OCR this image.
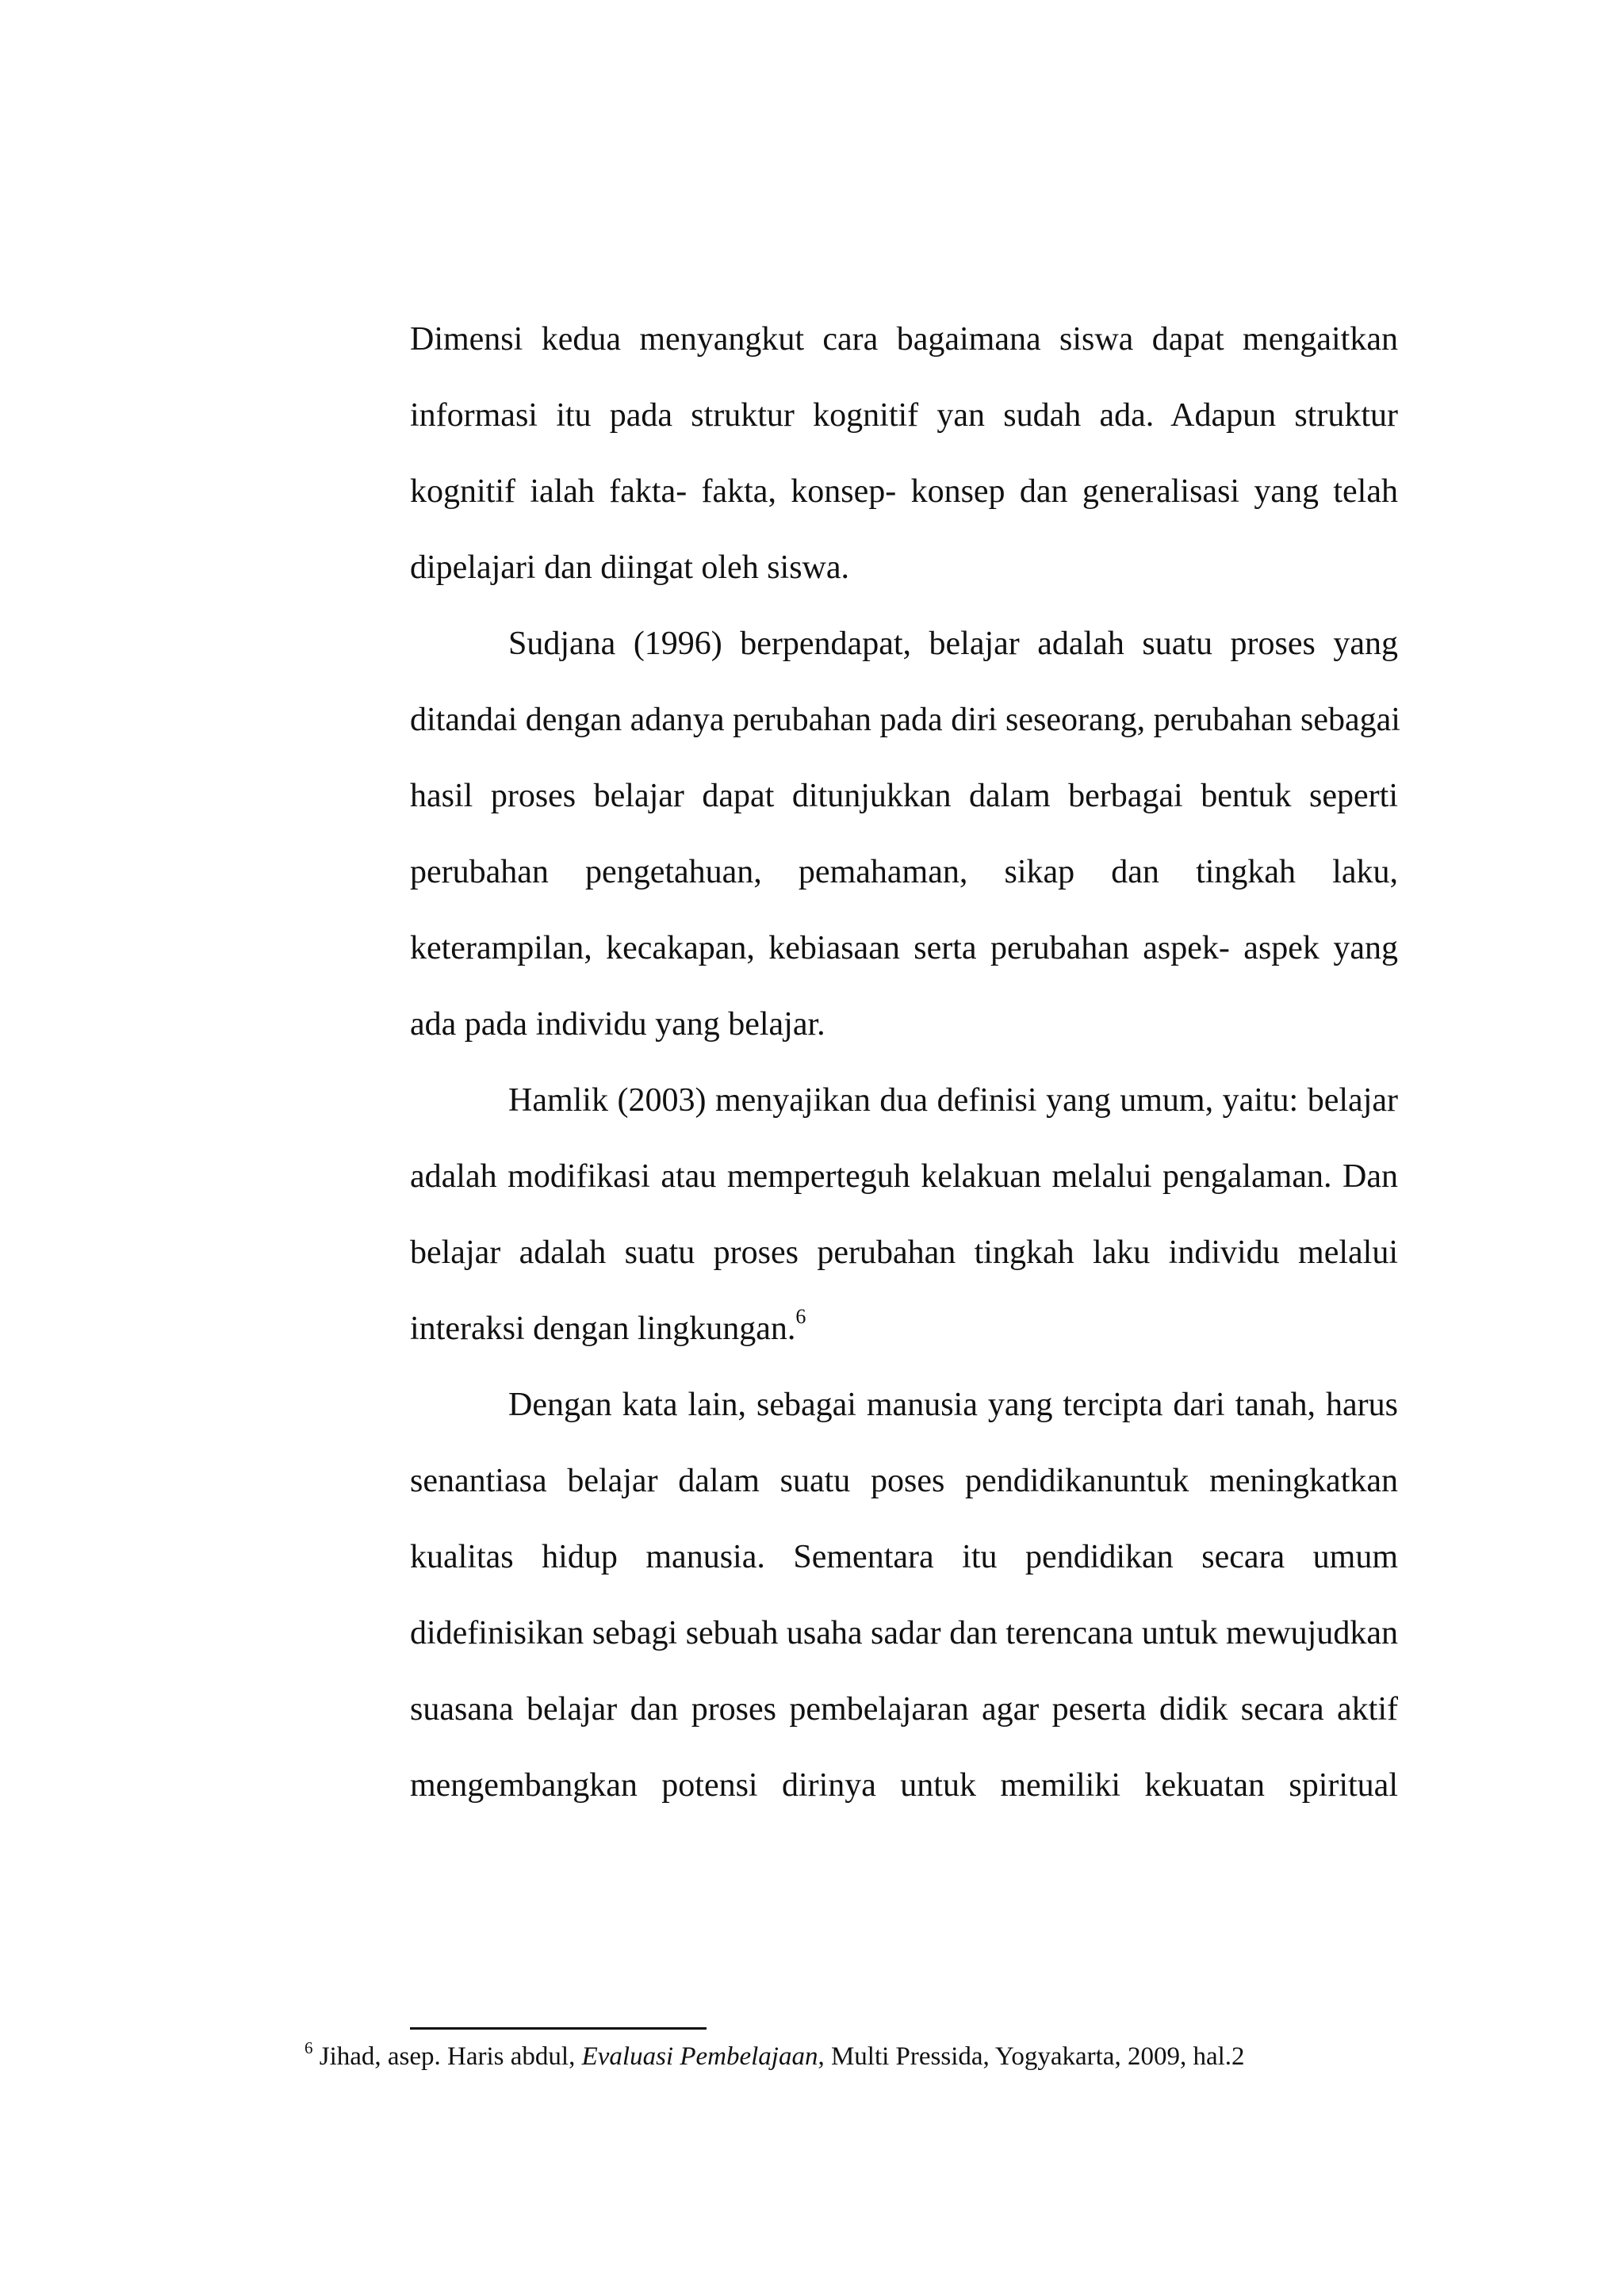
Dimensi kedua menyangkut cara bagaimana siswa dapat mengaitkan
informasi itu pada struktur kognitif yan sudah ada. Adapun struktur
kognitif ialah fakta- fakta, konsep- konsep dan generalisasi yang telah
dipelajari dan diingat oleh siswa.
Sudjana (1996) berpendapat, belajar adalah suatu proses yang
ditandai dengan adanya perubahan pada diri seseorang, perubahan sebagai
hasil proses belajar dapat ditunjukkan dalam berbagai bentuk seperti
perubahan pengetahuan, pemahaman, sikap dan tingkah laku,
keterampilan, kecakapan, kebiasaan serta perubahan aspek- aspek yang
ada pada individu yang belajar.
Hamlik (2003) menyajikan dua definisi yang umum, yaitu: belajar
adalah modifikasi atau memperteguh kelakuan melalui pengalaman. Dan
belajar adalah suatu proses perubahan tingkah laku individu melalui
interaksi dengan lingkungan.$^6$
Dengan kata lain, sebagai manusia yang tercipta dari tanah, harus
senantiasa belajar dalam suatu poses pendidikanuntuk meningkatkan
kualitas hidup manusia. Sementara itu pendidikan secara umum
didefinisikan sebagi sebuah usaha sadar dan terencana untuk mewujudkan
suasana belajar dan proses pembelajaran agar peserta didik secara aktif
mengembangkan potensi dirinya untuk memiliki kekuatan spiritual
$^6$ Jihad, asep. Haris abdul, Evaluasi Pembelajaan, Multi Pressida, Yogyakarta, 2009, hal.2
